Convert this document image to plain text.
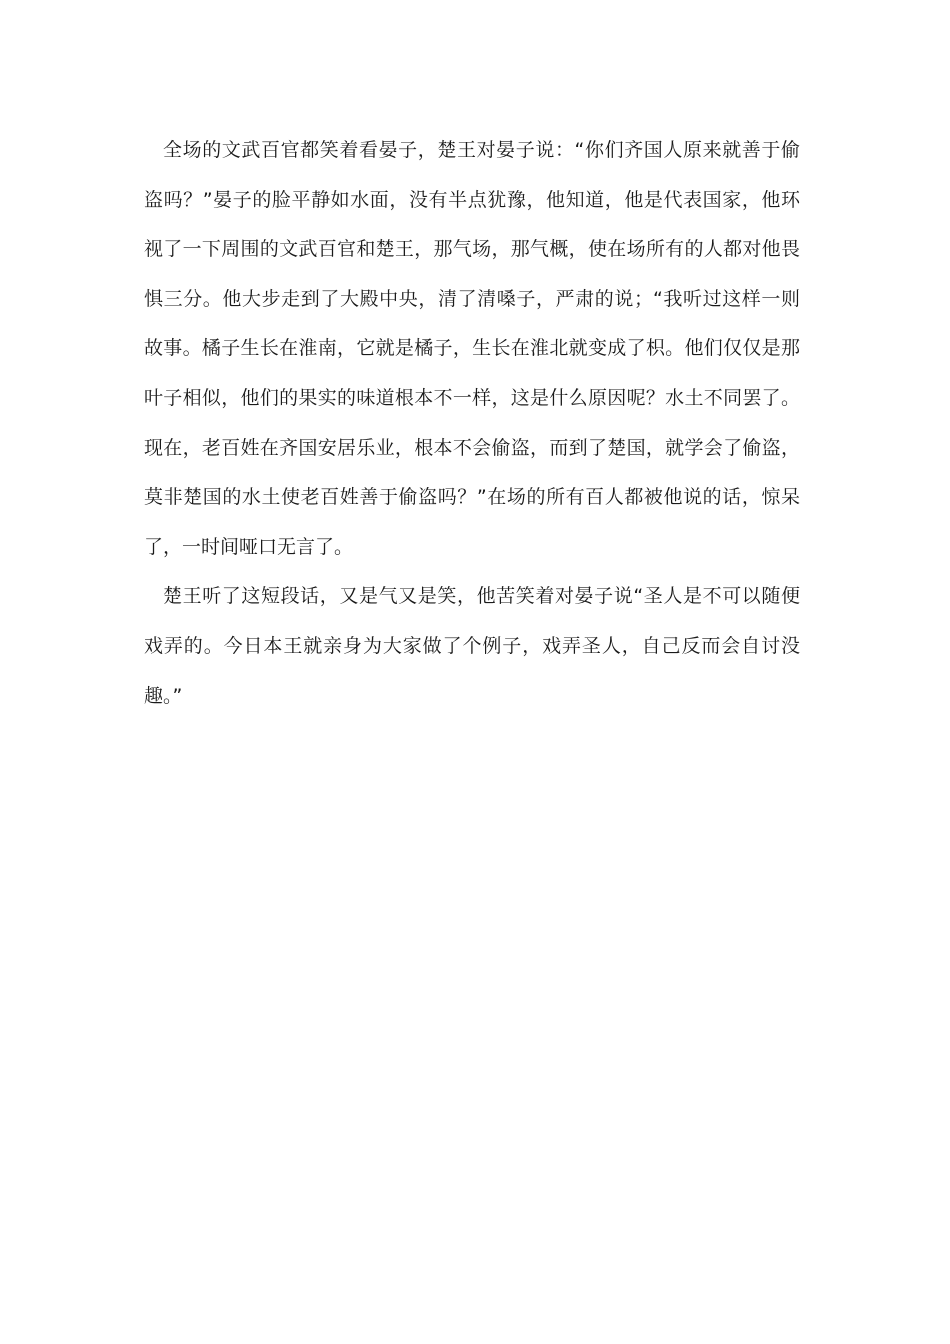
全场的文武百官都笑着看晏子，楚王对晏子说：“你们齐国人原来就善于偷
盗吗？”晏子的脸平静如水面，没有半点犹豫，他知道，他是代表国家，他环
视了一下周围的文武百官和楚王，那气场，那气概，使在场所有的人都对他畏
惧三分。他大步走到了大殿中央，清了清嗓子，严肃的说；“我听过这样一则
故事。橘子生长在淮南，它就是橘子，生长在淮北就变成了枳。他们仅仅是那
叶子相似，他们的果实的味道根本不一样，这是什么原因呢？水土不同罢了。
现在，老百姓在齐国安居乐业，根本不会偷盗，而到了楚国，就学会了偷盗，
莫非楚国的水土使老百姓善于偷盗吗？”在场的所有百人都被他说的话，惊呆
了，一时间哑口无言了。
楚王听了这短段话，又是气又是笑，他苦笑着对晏子说“圣人是不可以随便
戏弄的。今日本王就亲身为大家做了个例子，戏弄圣人，自己反而会自讨没
趣。”
